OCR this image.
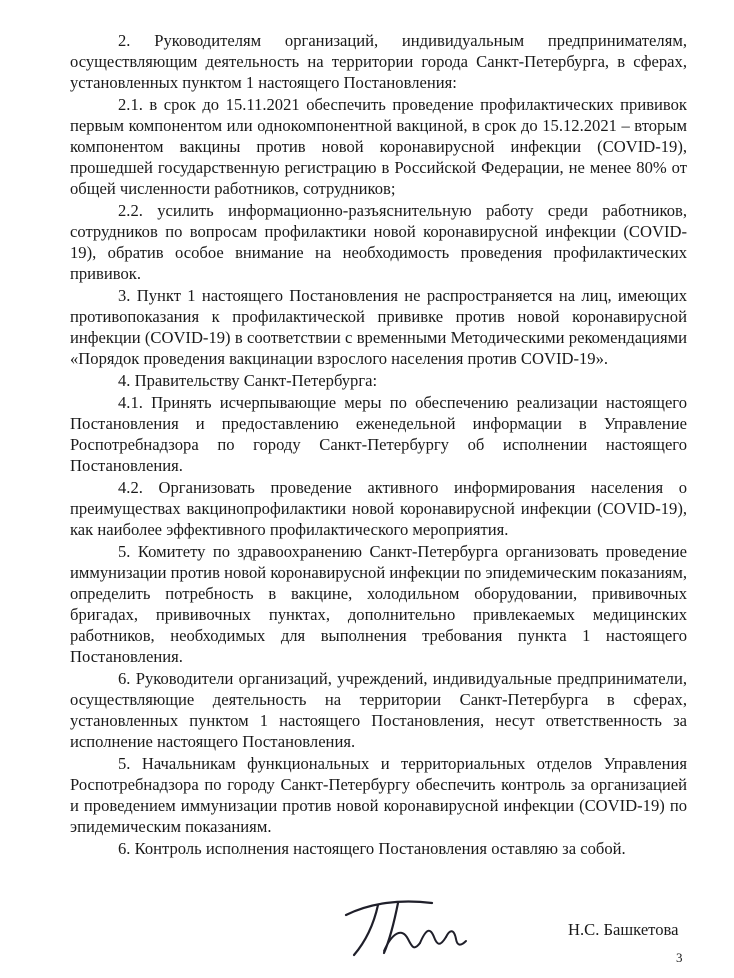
2. Руководителям организаций, индивидуальным предпринимателям, осуществляющим деятельность на территории города Санкт-Петербурга, в сферах, установленных пунктом 1 настоящего Постановления:

2.1. в срок до 15.11.2021 обеспечить проведение профилактических прививок первым компонентом или однокомпонентной вакциной, в срок до 15.12.2021 – вторым компонентом вакцины против новой коронавирусной инфекции (COVID-19), прошедшей государственную регистрацию в Российской Федерации, не менее 80% от общей численности работников, сотрудников;

2.2. усилить информационно-разъяснительную работу среди работников, сотрудников по вопросам профилактики новой коронавирусной инфекции (COVID-19), обратив особое внимание на необходимость проведения профилактических прививок.

3. Пункт 1 настоящего Постановления не распространяется на лиц, имеющих противопоказания к профилактической прививке против новой коронавирусной инфекции (COVID-19) в соответствии с временными Методическими рекомендациями «Порядок проведения вакцинации взрослого населения против COVID-19».

4. Правительству Санкт-Петербурга:

4.1. Принять исчерпывающие меры по обеспечению реализации настоящего Постановления и предоставлению еженедельной информации в Управление Роспотребнадзора по городу Санкт-Петербургу об исполнении настоящего Постановления.

4.2. Организовать проведение активного информирования населения о преимуществах вакцинопрофилактики новой коронавирусной инфекции (COVID-19), как наиболее эффективного профилактического мероприятия.

5. Комитету по здравоохранению Санкт-Петербурга организовать проведение иммунизации против новой коронавирусной инфекции по эпидемическим показаниям, определить потребность в вакцине, холодильном оборудовании, прививочных бригадах, прививочных пунктах, дополнительно привлекаемых медицинских работников, необходимых для выполнения требования пункта 1 настоящего Постановления.

6. Руководители организаций, учреждений, индивидуальные предприниматели, осуществляющие деятельность на территории Санкт-Петербурга в сферах, установленных пунктом 1 настоящего Постановления, несут ответственность за исполнение настоящего Постановления.

5. Начальникам функциональных и территориальных отделов Управления Роспотребнадзора по городу Санкт-Петербургу обеспечить контроль за организацией и проведением иммунизации против новой коронавирусной инфекции (COVID-19) по эпидемическим показаниям.

6. Контроль исполнения настоящего Постановления оставляю за собой.

Н.С. Башкетова
3
